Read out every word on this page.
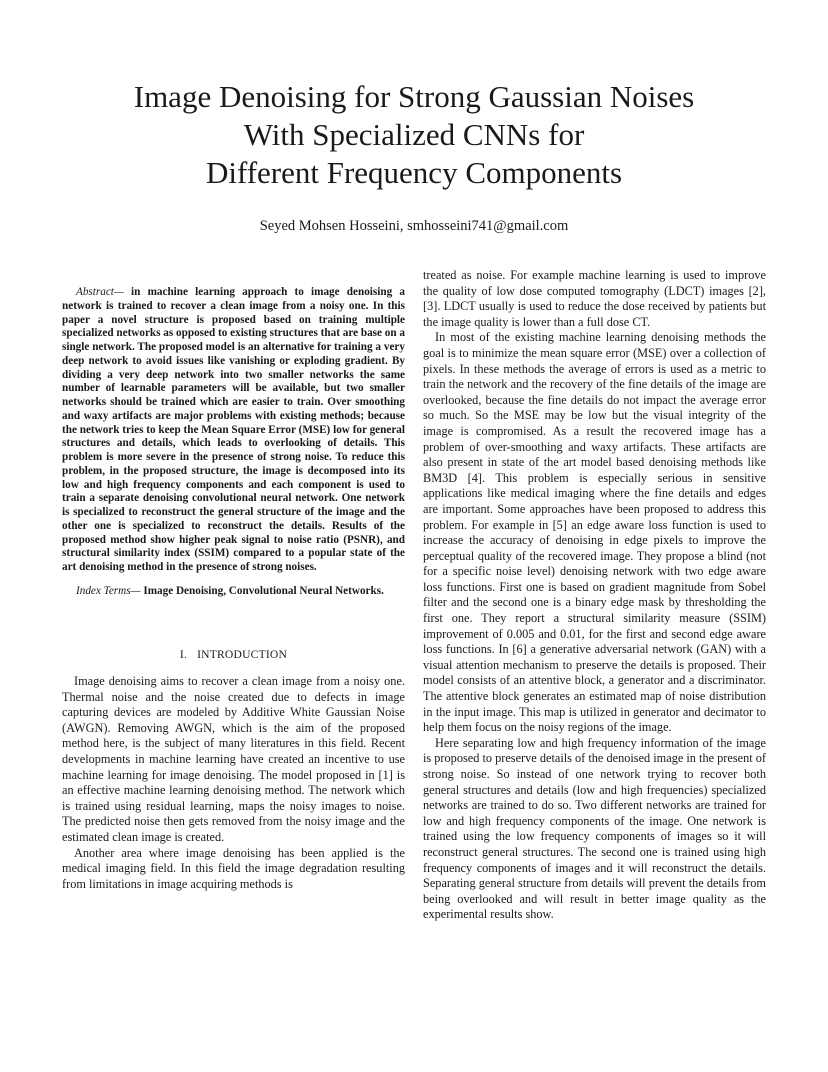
Image Denoising for Strong Gaussian Noises
With Specialized CNNs for
Different Frequency Components
Seyed Mohsen Hosseini, smhosseini741@gmail.com

Abstract— in machine learning approach to image denoising a network is trained to recover a clean image from a noisy one. In this paper a novel structure is proposed based on training multiple specialized networks as opposed to existing structures that are base on a single network. The proposed model is an alternative for training a very deep network to avoid issues like vanishing or exploding gradient. By dividing a very deep network into two smaller networks the same number of learnable parameters will be available, but two smaller networks should be trained which are easier to train. Over smoothing and waxy artifacts are major problems with existing methods; because the network tries to keep the Mean Square Error (MSE) low for general structures and details, which leads to overlooking of details. This problem is more severe in the presence of strong noise. To reduce this problem, in the proposed structure, the image is decomposed into its low and high frequency components and each component is used to train a separate denoising convolutional neural network. One network is specialized to reconstruct the general structure of the image and the other one is specialized to reconstruct the details. Results of the proposed method show higher peak signal to noise ratio (PSNR), and structural similarity index (SSIM) compared to a popular state of the art denoising method in the presence of strong noises.

Index Terms— Image Denoising, Convolutional Neural Networks.

I. INTRODUCTION

Image denoising aims to recover a clean image from a noisy one. Thermal noise and the noise created due to defects in image capturing devices are modeled by Additive White Gaussian Noise (AWGN). Removing AWGN, which is the aim of the proposed method here, is the subject of many literatures in this field. Recent developments in machine learning have created an incentive to use machine learning for image denoising. The model proposed in [1] is an effective machine learning denoising method. The network which is trained using residual learning, maps the noisy images to noise. The predicted noise then gets removed from the noisy image and the estimated clean image is created.

Another area where image denoising has been applied is the medical imaging field. In this field the image degradation resulting from limitations in image acquiring methods is

treated as noise. For example machine learning is used to improve the quality of low dose computed tomography (LDCT) images [2],[3]. LDCT usually is used to reduce the dose received by patients but the image quality is lower than a full dose CT.

In most of the existing machine learning denoising methods the goal is to minimize the mean square error (MSE) over a collection of pixels. In these methods the average of errors is used as a metric to train the network and the recovery of the fine details of the image are overlooked, because the fine details do not impact the average error so much. So the MSE may be low but the visual integrity of the image is compromised. As a result the recovered image has a problem of over-smoothing and waxy artifacts. These artifacts are also present in state of the art model based denoising methods like BM3D [4]. This problem is especially serious in sensitive applications like medical imaging where the fine details and edges are important. Some approaches have been proposed to address this problem. For example in [5] an edge aware loss function is used to increase the accuracy of denoising in edge pixels to improve the perceptual quality of the recovered image. They propose a blind (not for a specific noise level) denoising network with two edge aware loss functions. First one is based on gradient magnitude from Sobel filter and the second one is a binary edge mask by thresholding the first one. They report a structural similarity measure (SSIM) improvement of 0.005 and 0.01, for the first and second edge aware loss functions. In [6] a generative adversarial network (GAN) with a visual attention mechanism to preserve the details is proposed. Their model consists of an attentive block, a generator and a discriminator. The attentive block generates an estimated map of noise distribution in the input image. This map is utilized in generator and decimator to help them focus on the noisy regions of the image.

Here separating low and high frequency information of the image is proposed to preserve details of the denoised image in the present of strong noise. So instead of one network trying to recover both general structures and details (low and high frequencies) specialized networks are trained to do so. Two different networks are trained for low and high frequency components of the image. One network is trained using the low frequency components of images so it will reconstruct general structures. The second one is trained using high frequency components of images and it will reconstruct the details. Separating general structure from details will prevent the details from being overlooked and will result in better image quality as the experimental results show.
